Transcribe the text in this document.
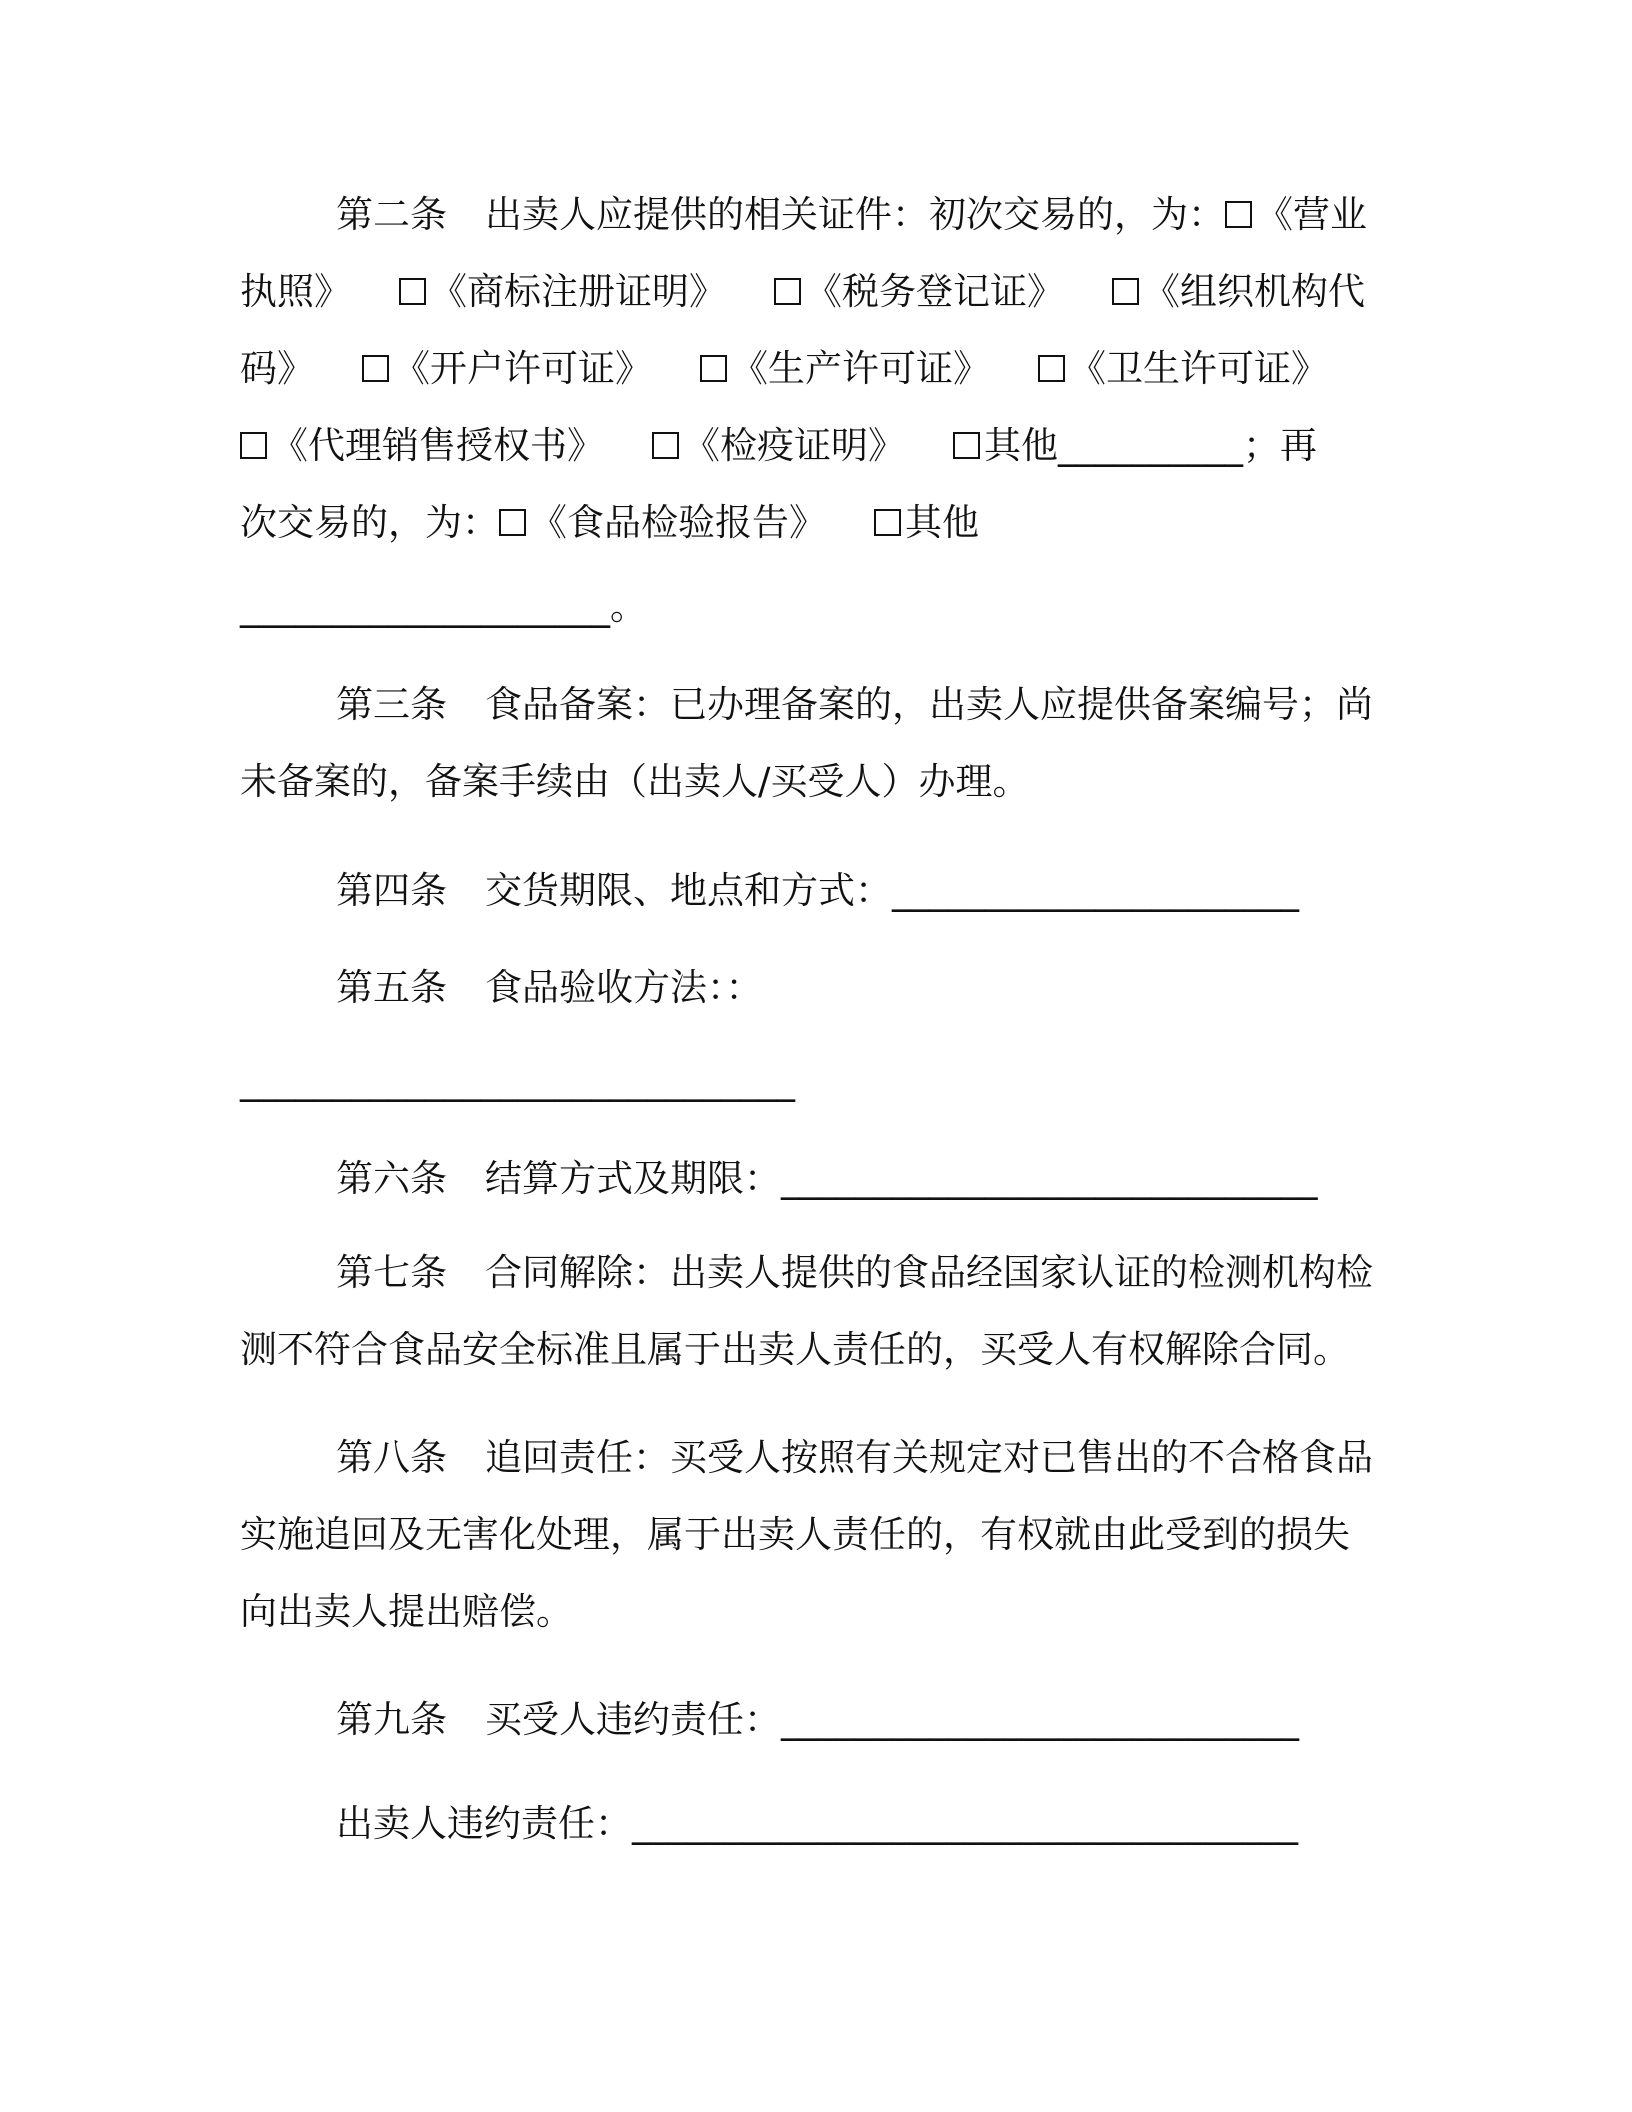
第二条 出卖人应提供的相关证件：初次交易的，为： 《营业
执照》 《商标注册证明》 《税务登记证》 《组织机构代
码》 《开户许可证》 《生产许可证》 《卫生许可证》
《代理销售授权书》 《检疫证明》 其他__________；再
次交易的，为： 《食品检验报告》 其他
____________________。
第三条 食品备案：已办理备案的，出卖人应提供备案编号；尚
未备案的，备案手续由（出卖人/买受人）办理。
第四条 交货期限、地点和方式：______________________
第五条 食品验收方法：：
______________________________
第六条 结算方式及期限：_____________________________
第七条 合同解除：出卖人提供的食品经国家认证的检测机构检
测不符合食品安全标准且属于出卖人责任的，买受人有权解除合同。
第八条 追回责任：买受人按照有关规定对已售出的不合格食品
实施追回及无害化处理，属于出卖人责任的，有权就由此受到的损失
向出卖人提出赔偿。
第九条 买受人违约责任：____________________________
出卖人违约责任：____________________________________
